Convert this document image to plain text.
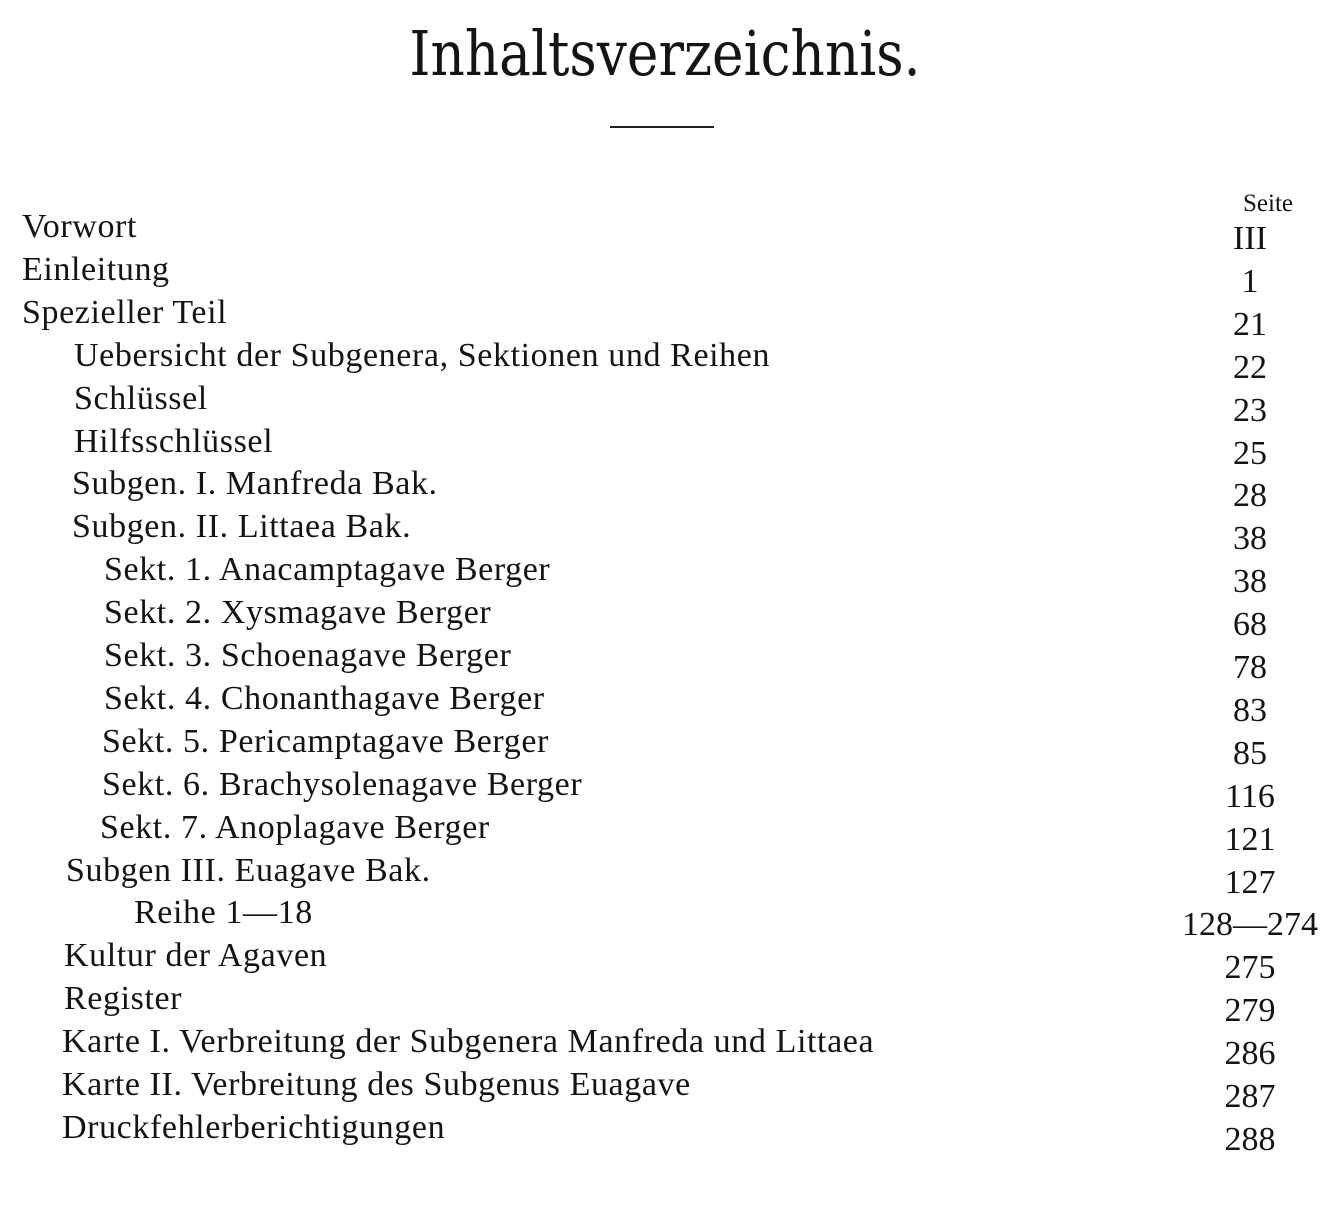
Inhaltsverzeichnis.
Seite
Vorwort	III
Einleitung	1
Spezieller Teil	21
Uebersicht der Subgenera, Sektionen und Reihen	22
Schlüssel	23
Hilfsschlüssel	25
Subgen. I. Manfreda Bak.	28
Subgen. II. Littaea Bak.	38
Sekt. 1. Anacamptagave Berger	38
Sekt. 2. Xysmagave Berger	68
Sekt. 3. Schoenagave Berger	78
Sekt. 4. Chonanthagave Berger	83
Sekt. 5. Pericamptagave Berger	85
Sekt. 6. Brachysolenagave Berger	116
Sekt. 7. Anoplagave Berger	121
Subgen III. Euagave Bak.	127
Reihe 1—18	128—274
Kultur der Agaven	275
Register	279
Karte I. Verbreitung der Subgenera Manfreda und Littaea	286
Karte II. Verbreitung des Subgenus Euagave	287
Druckfehlerberichtigungen	288
